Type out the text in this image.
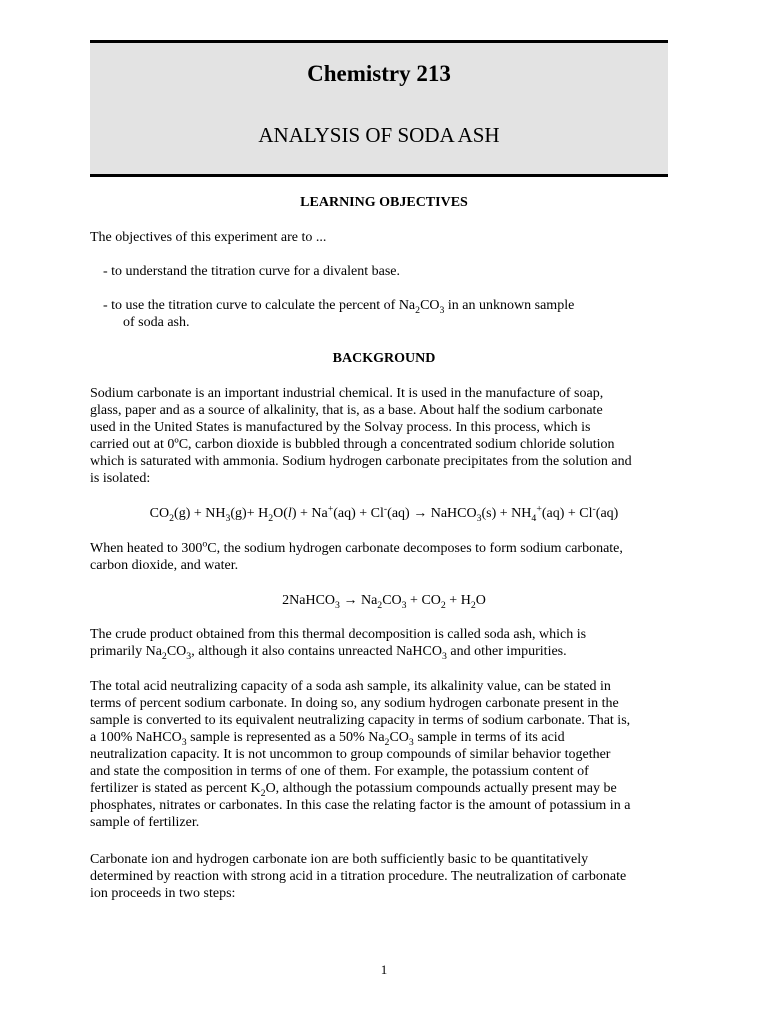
Chemistry 213
ANALYSIS OF SODA ASH
LEARNING OBJECTIVES
The objectives of this experiment are to ...
- to understand the titration curve for a divalent base.
- to use the titration curve to calculate the percent of $Na_2CO_3$ in an unknown sample
of soda ash.
BACKGROUND
Sodium carbonate is an important industrial chemical. It is used in the manufacture of soap,
glass, paper and as a source of alkalinity, that is, as a base. About half the sodium carbonate
used in the United States is manufactured by the Solvay process. In this process, which is
carried out at 0ºC, carbon dioxide is bubbled through a concentrated sodium chloride solution
which is saturated with ammonia. Sodium hydrogen carbonate precipitates from the solution and
is isolated:
$CO_2(g) + NH_3(g)+ H_2O(l) + Na^+(aq) + Cl^-(aq)$ → NaHCO$_3$(s) + $NH_4^+(aq) + Cl^-(aq)$
When heated to 300$^o$C, the sodium hydrogen carbonate decomposes to form sodium carbonate,
carbon dioxide, and water.
2NaHCO$_3$ → $Na_2CO_3 + CO_2 + H_2O$
The crude product obtained from this thermal decomposition is called soda ash, which is
primarily $Na_2CO_3$, although it also contains unreacted NaHCO$_3$ and other impurities.
The total acid neutralizing capacity of a soda ash sample, its alkalinity value, can be stated in
terms of percent sodium carbonate. In doing so, any sodium hydrogen carbonate present in the
sample is converted to its equivalent neutralizing capacity in terms of sodium carbonate. That is,
a 100% NaHCO$_3$ sample is represented as a 50% $Na_2CO_3$ sample in terms of its acid
neutralization capacity. It is not uncommon to group compounds of similar behavior together
and state the composition in terms of one of them. For example, the potassium content of
fertilizer is stated as percent $K_2O$, although the potassium compounds actually present may be
phosphates, nitrates or carbonates. In this case the relating factor is the amount of potassium in a
sample of fertilizer.
Carbonate ion and hydrogen carbonate ion are both sufficiently basic to be quantitatively
determined by reaction with strong acid in a titration procedure. The neutralization of carbonate
ion proceeds in two steps:
1
